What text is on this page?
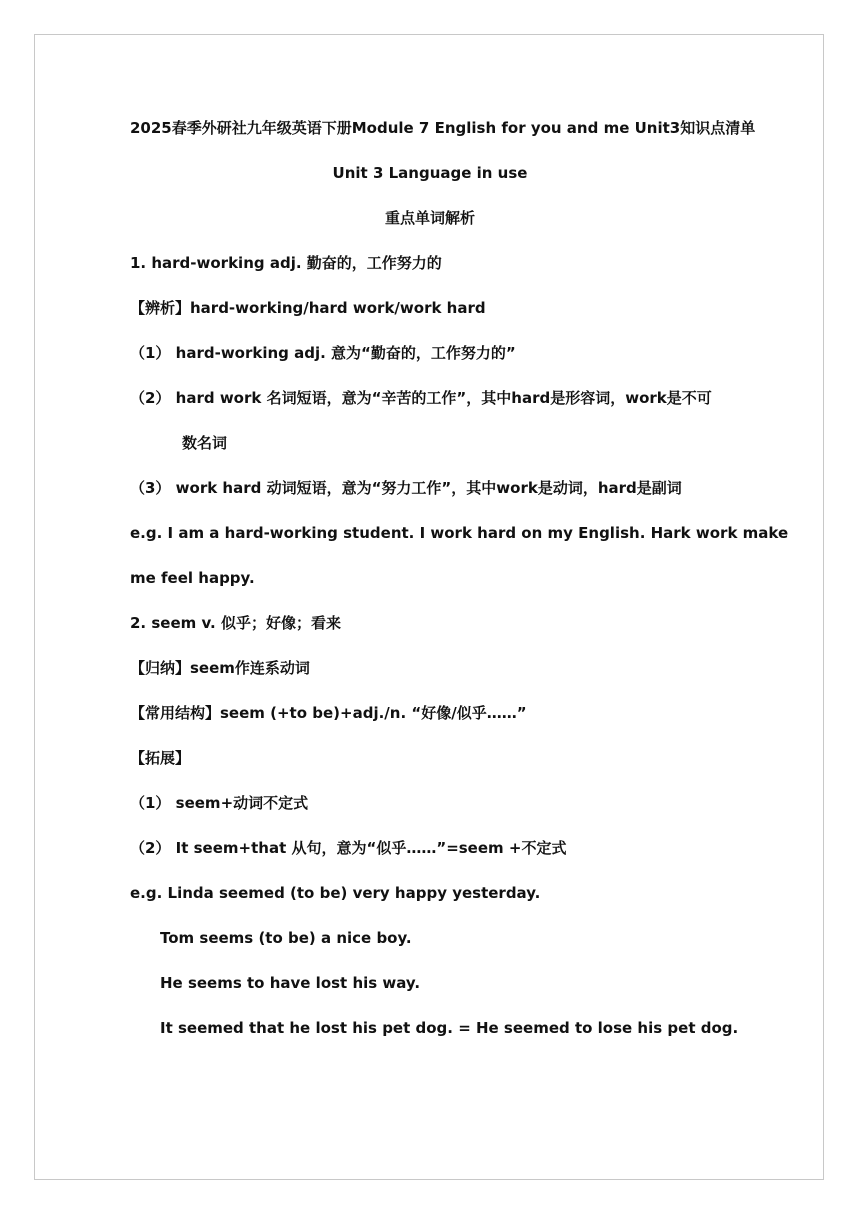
2025春季外研社九年级英语下册Module 7 English for you and me Unit3知识点清单
Unit 3 Language in use
重点单词解析
1. hard-working adj. 勤奋的，工作努力的
【辨析】hard-working/hard work/work hard
（1） hard-working adj. 意为“勤奋的，工作努力的”
（2） hard work 名词短语，意为“辛苦的工作”，其中hard是形容词，work是不可
数名词
（3） work hard 动词短语，意为“努力工作”，其中work是动词，hard是副词
e.g. I am a hard-working student. I work hard on my English. Hark work make
me feel happy.
2. seem v. 似乎；好像；看来
【归纳】seem作连系动词
【常用结构】seem (+to be)+adj./n. “好像/似乎……”
【拓展】
（1） seem+动词不定式
（2） It seem+that 从句，意为“似乎……”=seem +不定式
e.g. Linda seemed (to be) very happy yesterday.
Tom seems (to be) a nice boy.
He seems to have lost his way.
It seemed that he lost his pet dog. = He seemed to lose his pet dog.
